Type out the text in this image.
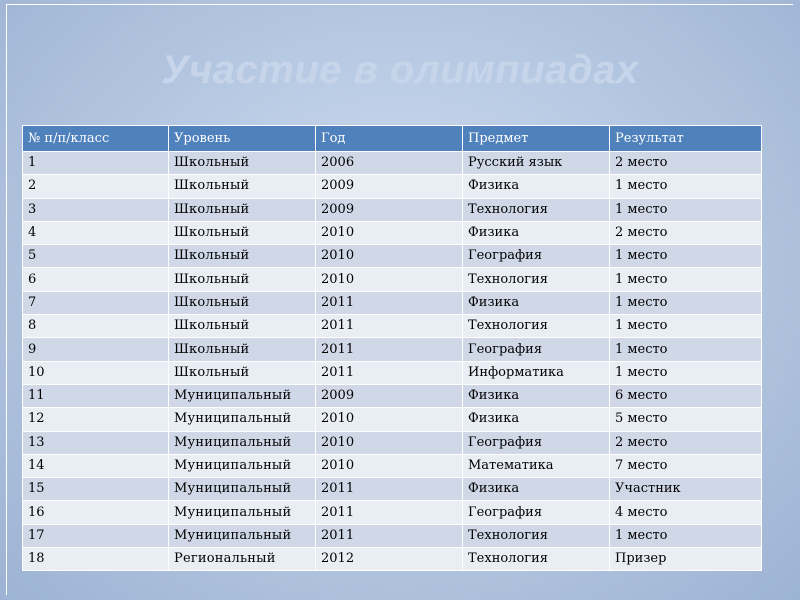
Участие в олимпиадах
№ п/п/класс	Уровень	Год	Предмет	Результат
1	Школьный	2006	Русский язык	2 место
2	Школьный	2009	Физика	1 место
3	Школьный	2009	Технология	1 место
4	Школьный	2010	Физика	2 место
5	Школьный	2010	География	1 место
6	Школьный	2010	Технология	1 место
7	Школьный	2011	Физика	1 место
8	Школьный	2011	Технология	1 место
9	Школьный	2011	География	1 место
10	Школьный	2011	Информатика	1 место
11	Муниципальный	2009	Физика	6 место
12	Муниципальный	2010	Физика	5 место
13	Муниципальный	2010	География	2 место
14	Муниципальный	2010	Математика	7 место
15	Муниципальный	2011	Физика	Участник
16	Муниципальный	2011	География	4 место
17	Муниципальный	2011	Технология	1 место
18	Региональный	2012	Технология	Призер
